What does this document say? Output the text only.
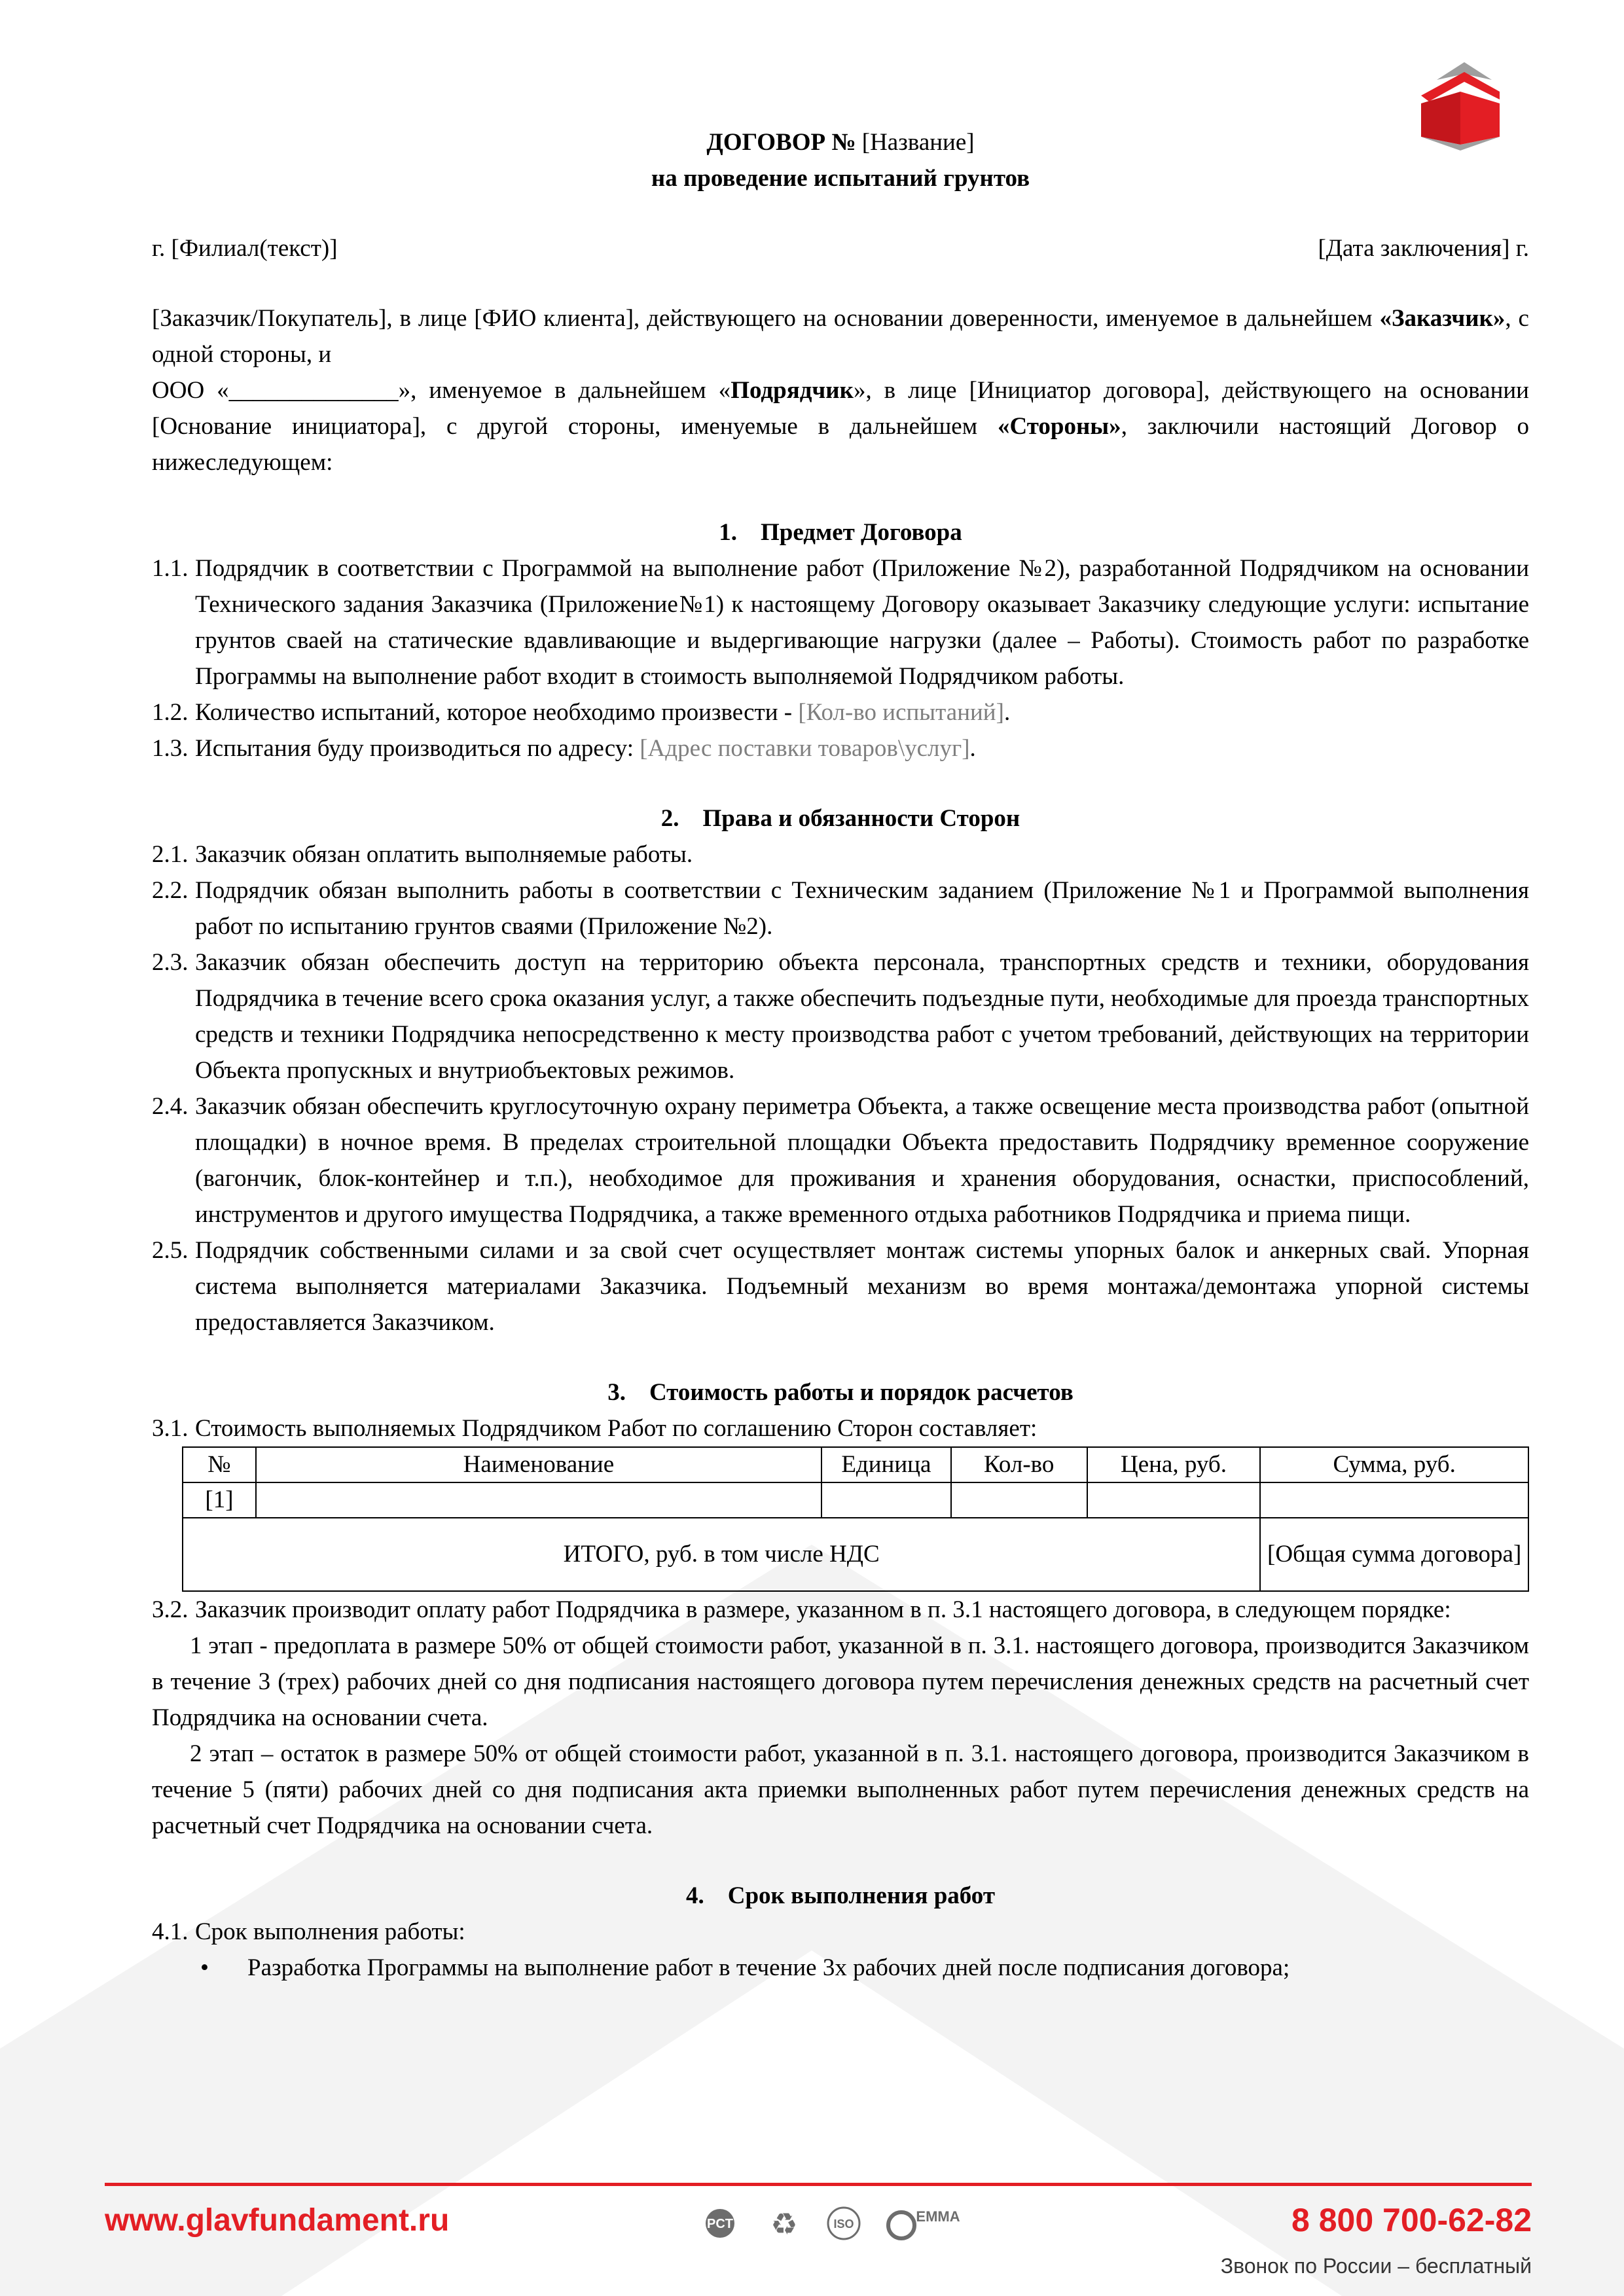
ДОГОВОР № [Название]
на проведение испытаний грунтов
г. [Филиал(текст)]	[Дата заключения] г.

[Заказчик/Покупатель], в лице [ФИО клиента], действующего на основании доверенности, именуемое в дальнейшем «Заказчик», с одной стороны, и

ООО «______________», именуемое в дальнейшем «Подрядчик», в лице [Инициатор договора], действующего на основании [Основание инициатора], с другой стороны, именуемые в дальнейшем «Стороны», заключили настоящий Договор о нижеследующем:

1. Предмет Договора
1.1. Подрядчик в соответствии с Программой на выполнение работ (Приложение №2), разработанной Подрядчиком на основании Технического задания Заказчика (Приложение№1) к настоящему Договору оказывает Заказчику следующие услуги: испытание грунтов сваей на статические вдавливающие и выдергивающие нагрузки (далее – Работы). Стоимость работ по разработке Программы на выполнение работ входит в стоимость выполняемой Подрядчиком работы.
1.2. Количество испытаний, которое необходимо произвести - [Кол-во испытаний].
1.3. Испытания буду производиться по адресу: [Адрес поставки товаров\услуг].
2. Права и обязанности Сторон
2.1. Заказчик обязан оплатить выполняемые работы.
2.2. Подрядчик обязан выполнить работы в соответствии с Техническим заданием (Приложение №1 и Программой выполнения работ по испытанию грунтов сваями (Приложение №2).
2.3. Заказчик обязан обеспечить доступ на территорию объекта персонала, транспортных средств и техники, оборудования Подрядчика в течение всего срока оказания услуг, а также обеспечить подъездные пути, необходимые для проезда транспортных средств и техники Подрядчика непосредственно к месту производства работ с учетом требований, действующих на территории Объекта пропускных и внутриобъектовых режимов.
2.4. Заказчик обязан обеспечить круглосуточную охрану периметра Объекта, а также освещение места производства работ (опытной площадки) в ночное время. В пределах строительной площадки Объекта предоставить Подрядчику временное сооружение (вагончик, блок-контейнер и т.п.), необходимое для проживания и хранения оборудования, оснастки, приспособлений, инструментов и другого имущества Подрядчика, а также временного отдыха работников Подрядчика и приема пищи.
2.5. Подрядчик собственными силами и за свой счет осуществляет монтаж системы упорных балок и анкерных свай. Упорная система выполняется материалами Заказчика. Подъемный механизм во время монтажа/демонтажа упорной системы предоставляется Заказчиком.
3. Стоимость работы и порядок расчетов
3.1. Стоимость выполняемых Подрядчиком Работ по соглашению Сторон составляет:
№	Наименование	Единица	Кол-во	Цена, руб.	Сумма, руб.
[1]					
ИТОГО, руб. в том числе НДС					[Общая сумма договора]
3.2. Заказчик производит оплату работ Подрядчика в размере, указанном в п. 3.1 настоящего договора, в следующем порядке:

1 этап - предоплата в размере 50% от общей стоимости работ, указанной в п. 3.1. настоящего договора, производится Заказчиком в течение 3 (трех) рабочих дней со дня подписания настоящего договора путем перечисления денежных средств на расчетный счет Подрядчика на основании счета.

2 этап – остаток в размере 50% от общей стоимости работ, указанной в п. 3.1. настоящего договора, производится Заказчиком в течение 5 (пяти) рабочих дней со дня подписания акта приемки выполненных работ путем перечисления денежных средств на расчетный счет Подрядчика на основании счета.

4. Срок выполнения работ
4.1. Срок выполнения работы:
•	Разработка Программы на выполнение работ в течение 3х рабочих дней после подписания договора;
www.glavfundament.ru	PCT ♻	ISO	EMMA	8 800 700-62-82
Звонок по России – бесплатный
